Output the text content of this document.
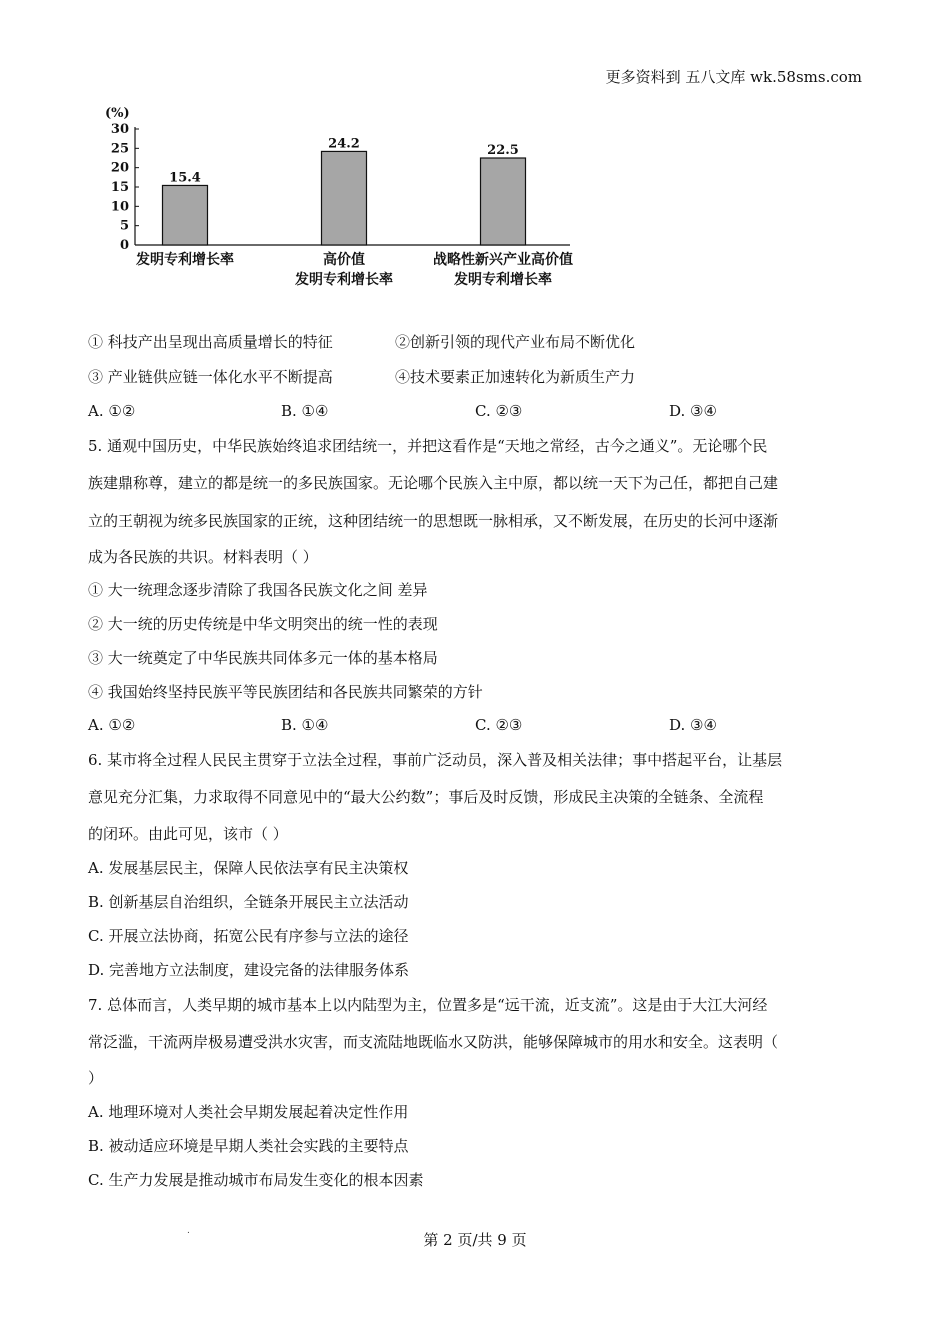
更多资料到 五八文库 wk.58sms.com
(%)
0
5
10
15
20
25
30
15.4
24.2	22.5
发明专利增长率	高价值
发明专利增长率
战略性新兴产业高价值
发明专利增长率
① 科技产出呈现出高质量增长的特征	②创新引领的现代产业布局不断优化
③ 产业链供应链一体化水平不断提高	④技术要素正加速转化为新质生产力
A. ①②	B. ①④	C. ②③	D. ③④
5. 通观中国历史，中华民族始终追求团结统一，并把这看作是“天地之常经，古今之通义”。无论哪个民
族建鼎称尊，建立的都是统一的多民族国家。无论哪个民族入主中原，都以统一天下为己任，都把自己建
立的王朝视为统多民族国家的正统，这种团结统一的思想既一脉相承，又不断发展，在历史的长河中逐渐
成为各民族的共识。材料表明（ ）
① 大一统理念逐步清除了我国各民族文化之间 差异
② 大一统的历史传统是中华文明突出的统一性的表现
③ 大一统奠定了中华民族共同体多元一体的基本格局
④ 我国始终坚持民族平等民族团结和各民族共同繁荣的方针
A. ①②	B. ①④	C. ②③	D. ③④
6. 某市将全过程人民民主贯穿于立法全过程，事前广泛动员，深入普及相关法律；事中搭起平台，让基层
意见充分汇集，力求取得不同意见中的“最大公约数”；事后及时反馈，形成民主决策的全链条、全流程
的闭环。由此可见，该市（ ）
A. 发展基层民主，保障人民依法享有民主决策权
B. 创新基层自治组织，全链条开展民主立法活动
C. 开展立法协商，拓宽公民有序参与立法的途径
D. 完善地方立法制度，建设完备的法律服务体系
7. 总体而言，人类早期的城市基本上以内陆型为主，位置多是“远干流，近支流”。这是由于大江大河经
常泛滥，干流两岸极易遭受洪水灾害，而支流陆地既临水又防洪，能够保障城市的用水和安全。这表明（
）
A. 地理环境对人类社会早期发展起着决定性作用
B. 被动适应环境是早期人类社会实践的主要特点
C. 生产力发展是推动城市布局发生变化的根本因素
.	第 2 页/共 9 页
